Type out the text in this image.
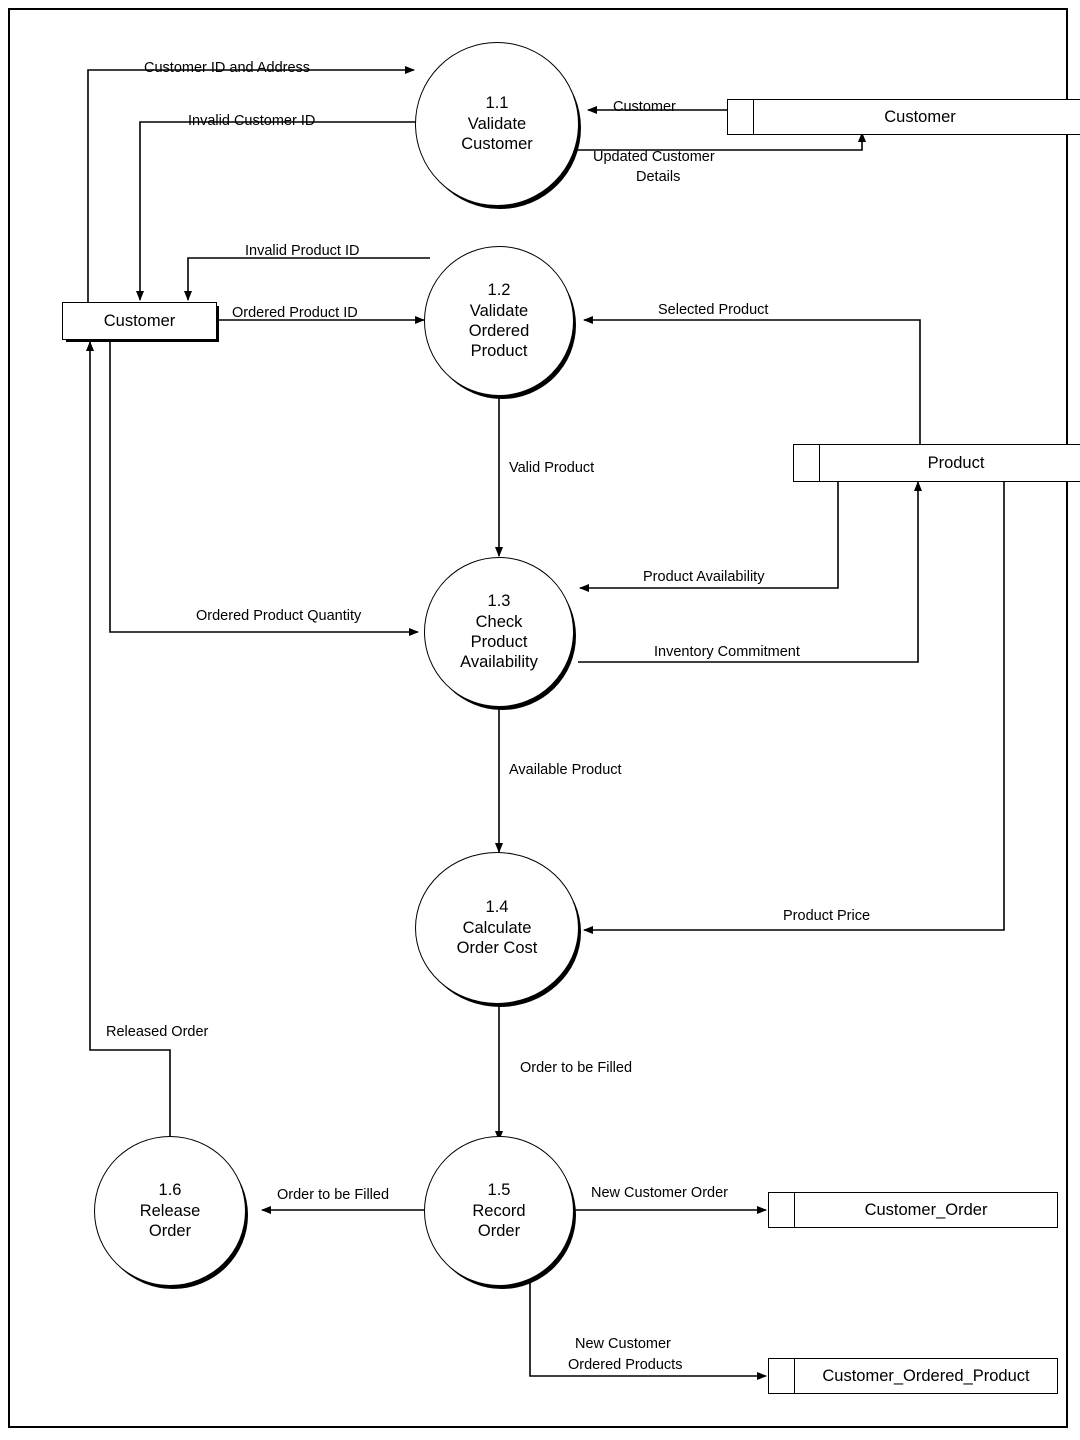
1.1
Validate
Customer
1.2
Validate
Ordered
Product
1.3
Check
Product
Availability
1.4
Calculate
Order Cost
1.5
Record
Order
1.6
Release
Order
Customer
Customer
Product
Customer_Order
Customer_Ordered_Product
Customer ID and Address
Invalid Customer ID
Customer
Updated Customer
Details
Invalid Product ID
Ordered Product ID	Selected Product
Valid Product
Product Availability
Ordered Product Quantity
Inventory Commitment
Available Product
Product Price
Order to be Filled
Released Order
Order to be Filled	New Customer Order
New Customer
Ordered Products
